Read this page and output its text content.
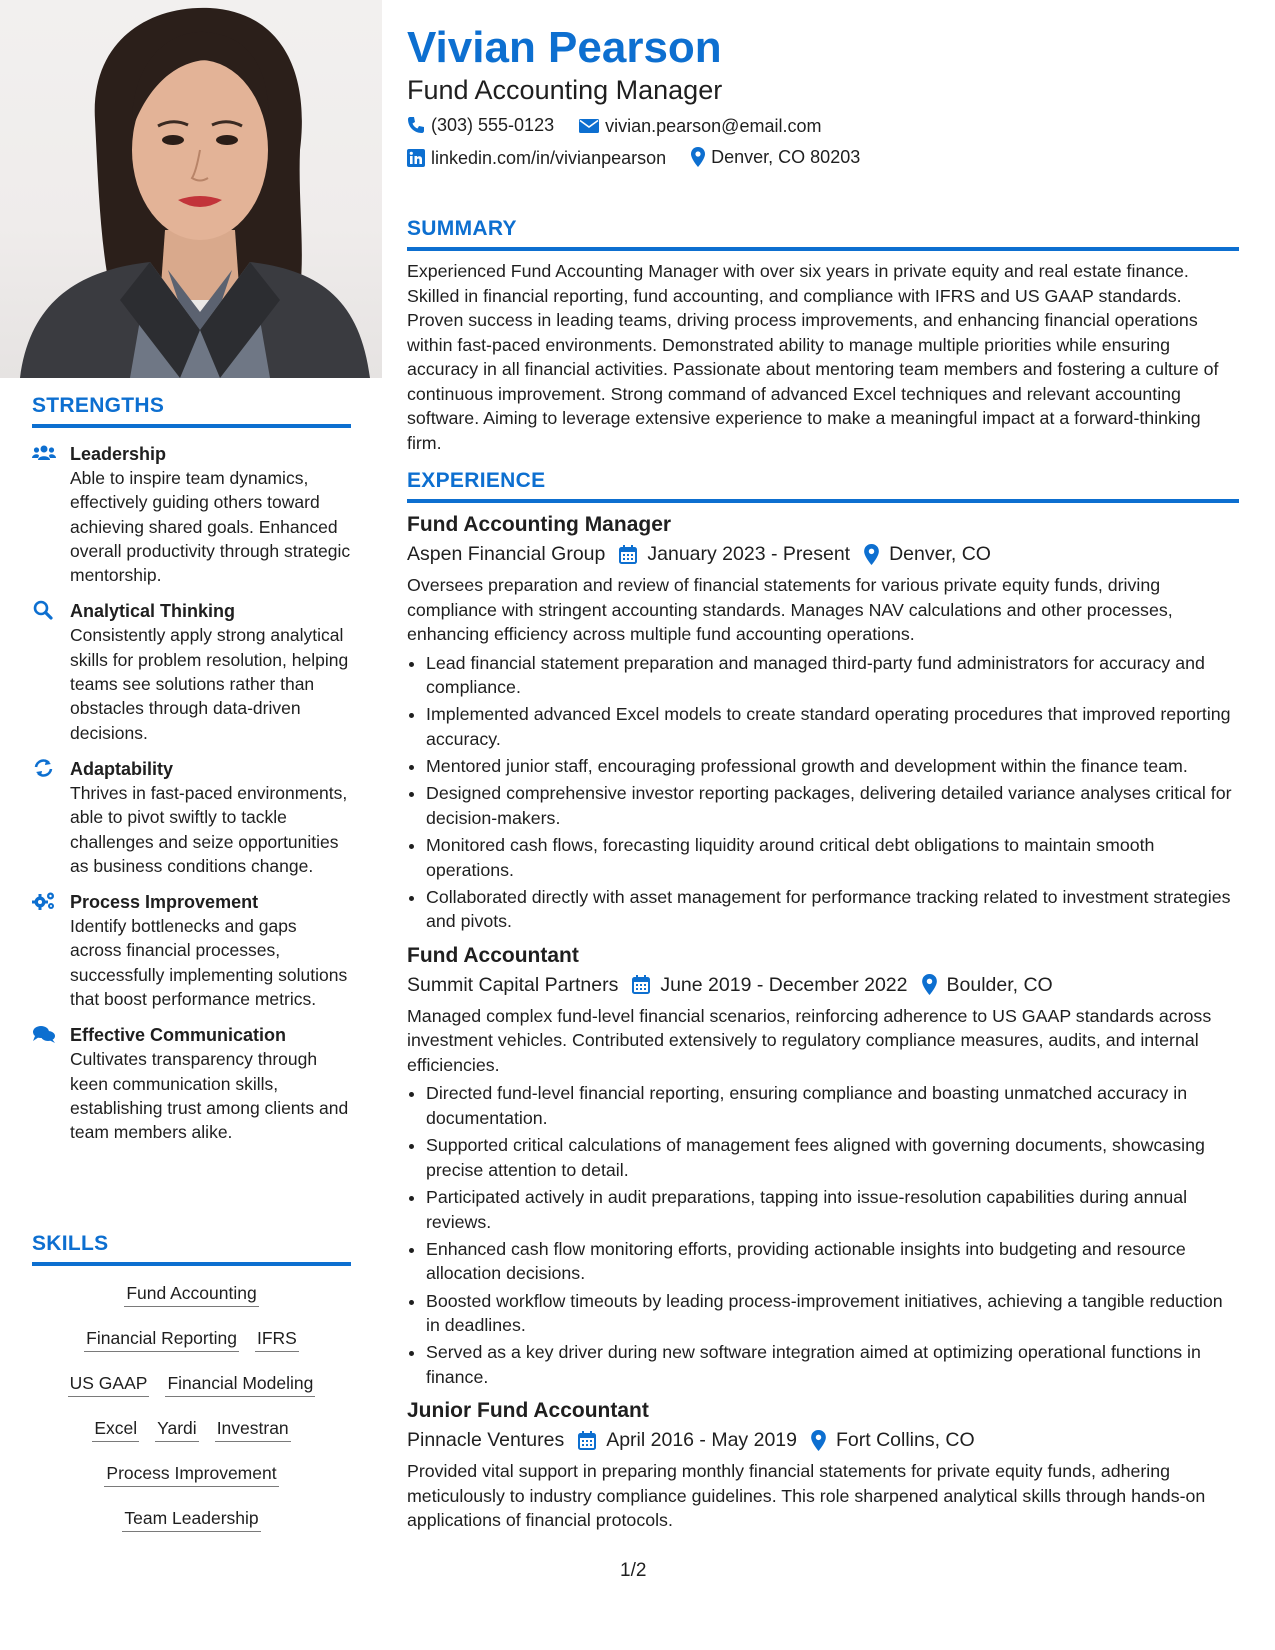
STRENGTHS
Leadership
Able to inspire team dynamics, effectively guiding others toward achieving shared goals. Enhanced overall productivity through strategic mentorship.
Analytical Thinking
Consistently apply strong analytical skills for problem resolution, helping teams see solutions rather than obstacles through data-driven decisions.
Adaptability
Thrives in fast-paced environments, able to pivot swiftly to tackle challenges and seize opportunities as business conditions change.
Process Improvement
Identify bottlenecks and gaps across financial processes, successfully implementing solutions that boost performance metrics.
Effective Communication
Cultivates transparency through keen communication skills, establishing trust among clients and team members alike.
SKILLS
Fund Accounting
Financial Reporting IFRS
US GAAP Financial Modeling
Excel Yardi Investran
Process Improvement
Team Leadership
Vivian Pearson
Fund Accounting Manager
(303) 555-0123
	vivian.pearson@email.com
linkedin.com/in/vivianpearson
	Denver, CO 80203
SUMMARY

Experienced Fund Accounting Manager with over six years in private equity and real estate finance. Skilled in financial reporting, fund accounting, and compliance with IFRS and US GAAP standards. Proven success in leading teams, driving process improvements, and enhancing financial operations within fast-paced environments. Demonstrated ability to manage multiple priorities while ensuring accuracy in all financial activities. Passionate about mentoring team members and fostering a culture of continuous improvement. Strong command of advanced Excel techniques and relevant accounting software. Aiming to leverage extensive experience to make a meaningful impact at a forward-thinking firm.

EXPERIENCE
Fund Accounting Manager
Aspen Financial Group January 2023 - Present Denver, CO

Oversees preparation and review of financial statements for various private equity funds, driving compliance with stringent accounting standards. Manages NAV calculations and other processes, enhancing efficiency across multiple fund accounting operations.

• Lead financial statement preparation and managed third-party fund administrators for accuracy and compliance.
• Implemented advanced Excel models to create standard operating procedures that improved reporting accuracy.
• Mentored junior staff, encouraging professional growth and development within the finance team.
• Designed comprehensive investor reporting packages, delivering detailed variance analyses critical for decision-makers.
• Monitored cash flows, forecasting liquidity around critical debt obligations to maintain smooth operations.
• Collaborated directly with asset management for performance tracking related to investment strategies and pivots.
Fund Accountant
Summit Capital Partners June 2019 - December 2022 Boulder, CO

Managed complex fund-level financial scenarios, reinforcing adherence to US GAAP standards across investment vehicles. Contributed extensively to regulatory compliance measures, audits, and internal efficiencies.

• Directed fund-level financial reporting, ensuring compliance and boasting unmatched accuracy in documentation.
• Supported critical calculations of management fees aligned with governing documents, showcasing precise attention to detail.
• Participated actively in audit preparations, tapping into issue-resolution capabilities during annual reviews.
• Enhanced cash flow monitoring efforts, providing actionable insights into budgeting and resource allocation decisions.
• Boosted workflow timeouts by leading process-improvement initiatives, achieving a tangible reduction in deadlines.
• Served as a key driver during new software integration aimed at optimizing operational functions in finance.
Junior Fund Accountant
Pinnacle Ventures April 2016 - May 2019 Fort Collins, CO

Provided vital support in preparing monthly financial statements for private equity funds, adhering meticulously to industry compliance guidelines. This role sharpened analytical skills through hands-on applications of financial protocols.

1/2
